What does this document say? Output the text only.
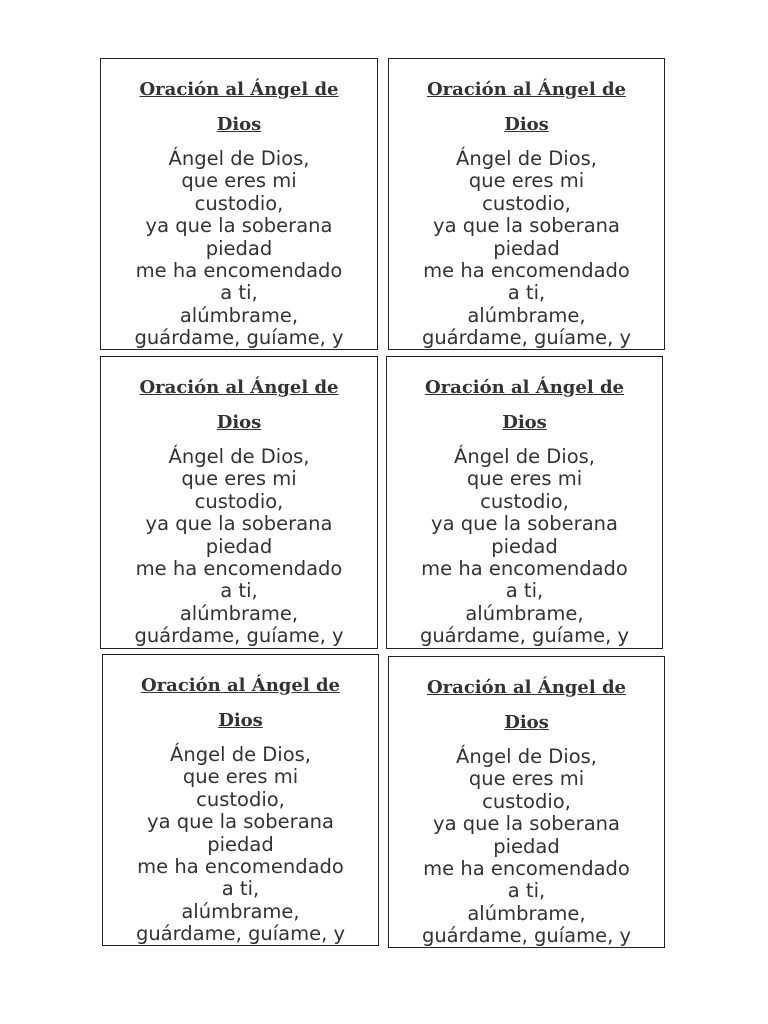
Oración al Ángel de
Dios
Ángel de Dios,
que eres mi
custodio,
ya que la soberana
piedad
me ha encomendado
a ti,
alúmbrame,
guárdame, guíame, y
Oración al Ángel de
Dios
Ángel de Dios,
que eres mi
custodio,
ya que la soberana
piedad
me ha encomendado
a ti,
alúmbrame,
guárdame, guíame, y
Oración al Ángel de
Dios
Ángel de Dios,
que eres mi
custodio,
ya que la soberana
piedad
me ha encomendado
a ti,
alúmbrame,
guárdame, guíame, y
Oración al Ángel de
Dios
Ángel de Dios,
que eres mi
custodio,
ya que la soberana
piedad
me ha encomendado
a ti,
alúmbrame,
guárdame, guíame, y
Oración al Ángel de
Dios
Ángel de Dios,
que eres mi
custodio,
ya que la soberana
piedad
me ha encomendado
a ti,
alúmbrame,
guárdame, guíame, y
Oración al Ángel de
Dios
Ángel de Dios,
que eres mi
custodio,
ya que la soberana
piedad
me ha encomendado
a ti,
alúmbrame,
guárdame, guíame, y
